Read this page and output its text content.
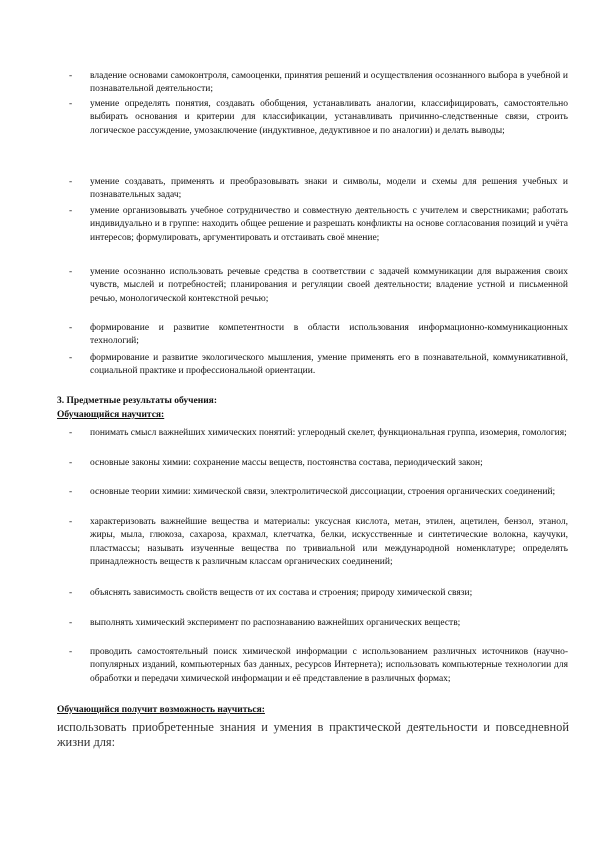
- владение основами самоконтроля, самооценки, принятия решений и осуществления осознанного выбора в учебной и познавательной деятельности;
- умение определять понятия, создавать обобщения, устанавливать аналогии, классифицировать, самостоятельно выбирать основания и критерии для классификации, устанавливать причинно-следственные связи, строить логическое рассуждение, умозаключение (индуктивное, дедуктивное и по аналогии) и делать выводы;
- умение создавать, применять и преобразовывать знаки и символы, модели и схемы для решения учебных и познавательных задач;
- умение организовывать учебное сотрудничество и совместную деятельность с учителем и сверстниками; работать индивидуально и в группе: находить общее решение и разрешать конфликты на основе согласования позиций и учёта интересов; формулировать, аргументировать и отстаивать своё мнение;
- умение осознанно использовать речевые средства в соответствии с задачей коммуникации для выражения своих чувств, мыслей и потребностей; планирования и регуляции своей деятельности; владение устной и письменной речью, монологической контекстной речью;
- формирование и развитие компетентности в области использования информационно-коммуникационных технологий;
- формирование и развитие экологического мышления, умение применять его в познавательной, коммуникативной, социальной практике и профессиональной ориентации.
3. Предметные результаты обучения:
Обучающийся научится:
- понимать смысл важнейших химических понятий: углеродный скелет, функциональная группа, изомерия, гомология;
- основные законы химии: сохранение массы веществ, постоянства состава, периодический закон;
- основные теории химии: химической связи, электролитической диссоциации, строения органических соединений;
- характеризовать важнейшие вещества и материалы: уксусная кислота, метан, этилен, ацетилен, бензол, этанол, жиры, мыла, глюкоза, сахароза, крахмал, клетчатка, белки, искусственные и синтетические волокна, каучуки, пластмассы; называть изученные вещества по тривиальной или международной номенклатуре; определять принадлежность веществ к различным классам органических соединений;
- объяснять зависимость свойств веществ от их состава и строения; природу химической связи;
- выполнять химический эксперимент по распознаванию важнейших органических веществ;
- проводить самостоятельный поиск химической информации с использованием различных источников (научно-популярных изданий, компьютерных баз данных, ресурсов Интернета); использовать компьютерные технологии для обработки и передачи химической информации и её представление в различных формах;
Обучающийся получит возможность научиться:
использовать приобретенные знания и умения в практической деятельности и повседневной жизни для:
